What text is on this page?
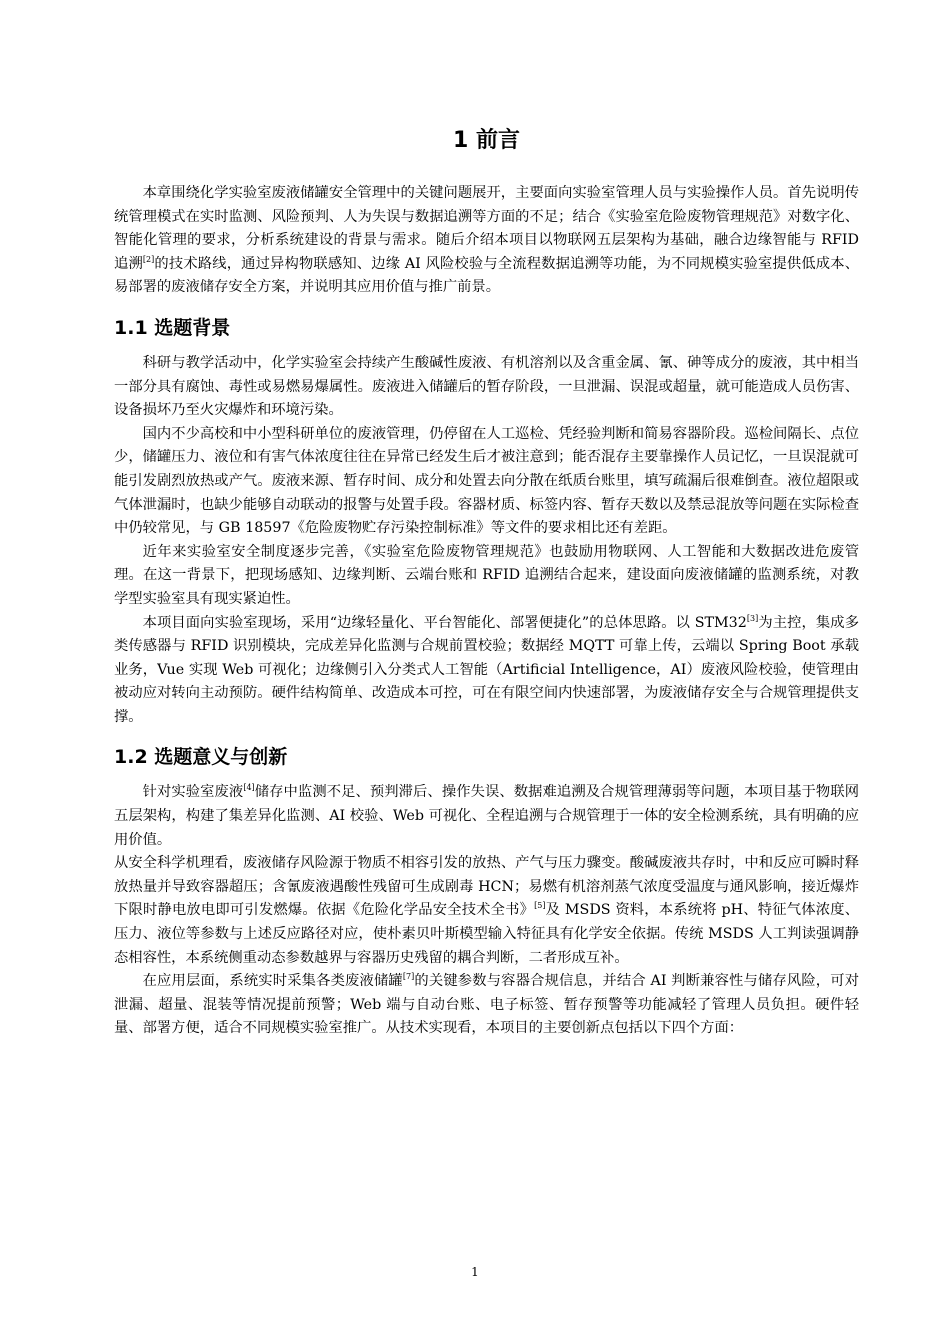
1 前言

本章围绕化学实验室废液储罐安全管理中的关键问题展开，主要面向实验室管理人员与实验操作人员。首先说明传统管理模式在实时监测、风险预判、人为失误与数据追溯等方面的不足；结合《实验室危险废物管理规范》对数字化、智能化管理的要求，分析系统建设的背景与需求。随后介绍本项目以物联网五层架构为基础，融合边缘智能与 RFID 追溯[2]的技术路线，通过异构物联感知、边缘 AI 风险校验与全流程数据追溯等功能，为不同规模实验室提供低成本、易部署的废液储存安全方案，并说明其应用价值与推广前景。

1.1 选题背景

科研与教学活动中，化学实验室会持续产生酸碱性废液、有机溶剂以及含重金属、氰、砷等成分的废液，其中相当一部分具有腐蚀、毒性或易燃易爆属性。废液进入储罐后的暂存阶段，一旦泄漏、误混或超量，就可能造成人员伤害、设备损坏乃至火灾爆炸和环境污染。

国内不少高校和中小型科研单位的废液管理，仍停留在人工巡检、凭经验判断和简易容器阶段。巡检间隔长、点位少，储罐压力、液位和有害气体浓度往往在异常已经发生后才被注意到；能否混存主要靠操作人员记忆，一旦误混就可能引发剧烈放热或产气。废液来源、暂存时间、成分和处置去向分散在纸质台账里，填写疏漏后很难倒查。液位超限或气体泄漏时，也缺少能够自动联动的报警与处置手段。容器材质、标签内容、暂存天数以及禁忌混放等问题在实际检查中仍较常见，与 GB 18597《危险废物贮存污染控制标准》等文件的要求相比还有差距。

近年来实验室安全制度逐步完善，《实验室危险废物管理规范》也鼓励用物联网、人工智能和大数据改进危废管理。在这一背景下，把现场感知、边缘判断、云端台账和 RFID 追溯结合起来，建设面向废液储罐的监测系统，对教学型实验室具有现实紧迫性。

本项目面向实验室现场，采用“边缘轻量化、平台智能化、部署便捷化”的总体思路。以 STM32[3]为主控，集成多类传感器与 RFID 识别模块，完成差异化监测与合规前置校验；数据经 MQTT 可靠上传，云端以 Spring Boot 承载业务，Vue 实现 Web 可视化；边缘侧引入分类式人工智能（Artificial Intelligence，AI）废液风险校验，使管理由被动应对转向主动预防。硬件结构简单、改造成本可控，可在有限空间内快速部署，为废液储存安全与合规管理提供支撑。

1.2 选题意义与创新

针对实验室废液[4]储存中监测不足、预判滞后、操作失误、数据难追溯及合规管理薄弱等问题，本项目基于物联网五层架构，构建了集差异化监测、AI 校验、Web 可视化、全程追溯与合规管理于一体的安全检测系统，具有明确的应用价值。

从安全科学机理看，废液储存风险源于物质不相容引发的放热、产气与压力骤变。酸碱废液共存时，中和反应可瞬时释放热量并导致容器超压；含氰废液遇酸性残留可生成剧毒 HCN；易燃有机溶剂蒸气浓度受温度与通风影响，接近爆炸下限时静电放电即可引发燃爆。依据《危险化学品安全技术全书》[5]及 MSDS 资料，本系统将 pH、特征气体浓度、压力、液位等参数与上述反应路径对应，使朴素贝叶斯模型输入特征具有化学安全依据。传统 MSDS 人工判读强调静态相容性，本系统侧重动态参数越界与容器历史残留的耦合判断，二者形成互补。

在应用层面，系统实时采集各类废液储罐[7]的关键参数与容器合规信息，并结合 AI 判断兼容性与储存风险，可对泄漏、超量、混装等情况提前预警；Web 端与自动台账、电子标签、暂存预警等功能减轻了管理人员负担。硬件轻量、部署方便，适合不同规模实验室推广。从技术实现看，本项目的主要创新点包括以下四个方面：

1
